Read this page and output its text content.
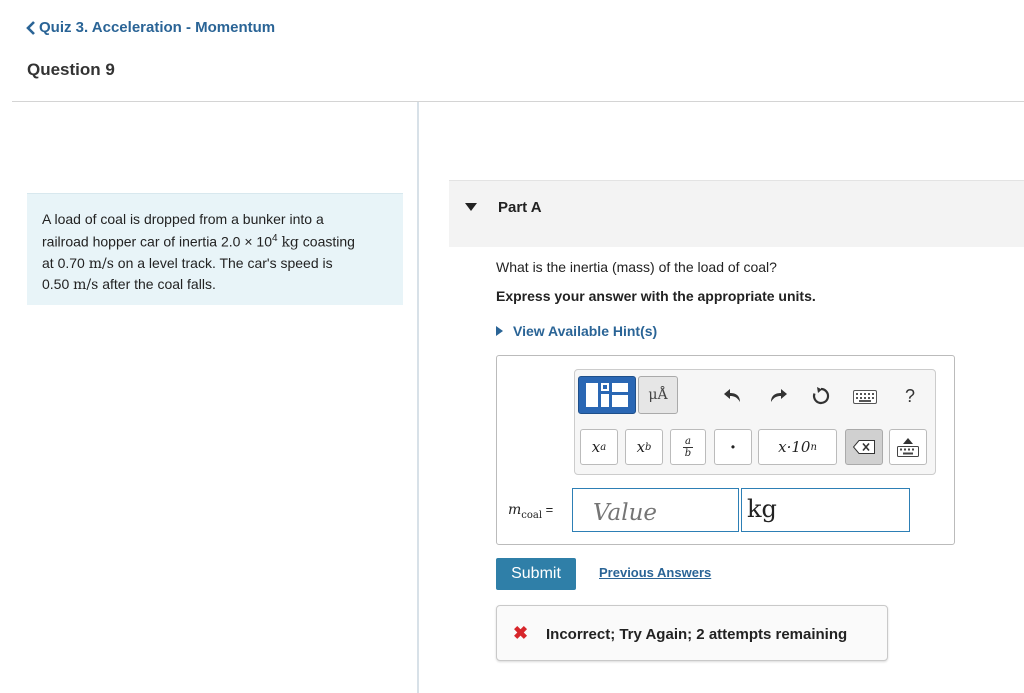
Quiz 3. Acceleration - Momentum
Question 9
A load of coal is dropped from a bunker into a
railroad hopper car of inertia $2.0 \times 10^4$ kg coasting
at 0.70 m/s on a level track. The car's speed is
0.50 m/s after the coal falls.
Part A
What is the inertia (mass) of the load of coal?
Express your answer with the appropriate units.
View Available Hint(s)
μÅ	?
x a x b
a
b	•	x·10 n
$m_{coal}$ =
Value	kg
Submit	Previous Answers
✖ Incorrect; Try Again; 2 attempts remaining
